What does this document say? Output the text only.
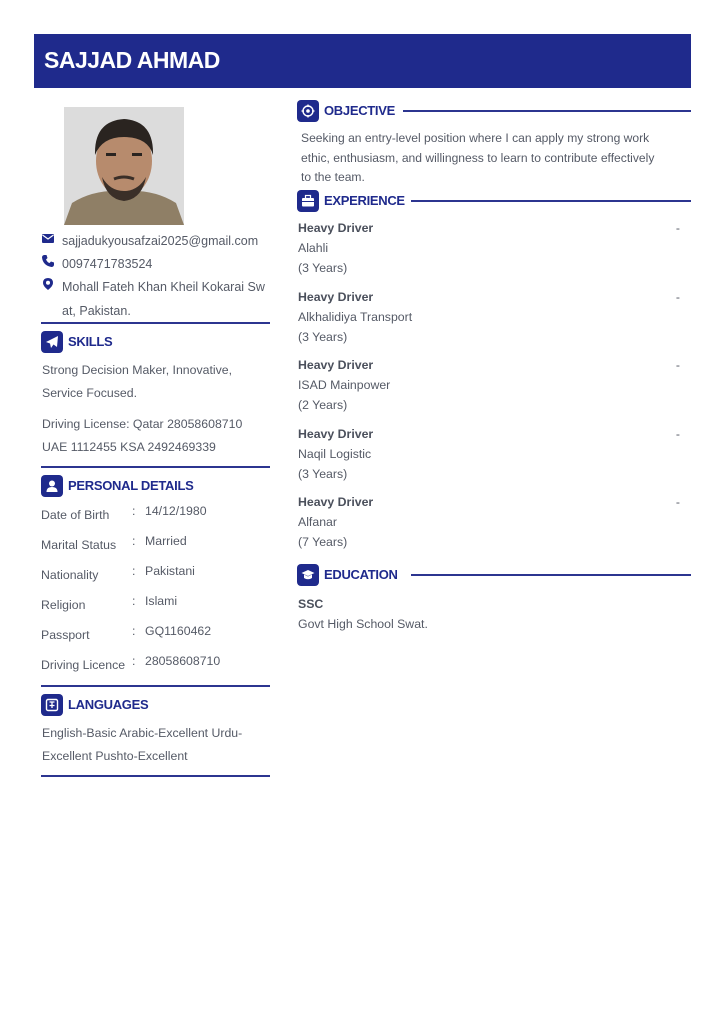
SAJJAD AHMAD
sajjadukyousafzai2025@gmail.com
0097471783524
Mohall Fateh Khan Kheil Kokarai Sw
at, Pakistan.
SKILLS
Strong Decision Maker, Innovative,
Service Focused.
Driving License: Qatar 28058608710
UAE 1112455 KSA 2492469339
PERSONAL DETAILS
Date of Birth : 14/12/1980
Marital Status : Married
Nationality	: Pakistani
Religion	: Islami
Passport	: GQ1160462
Driving Licence : 28058608710
LANGUAGES
English-Basic Arabic-Excellent Urdu-
Excellent Pushto-Excellent
OBJECTIVE
Seeking an entry-level position where I can apply my strong work
ethic, enthusiasm, and willingness to learn to contribute effectively
to the team.
EXPERIENCE
Heavy Driver	-
Alahli
(3 Years)
Heavy Driver	-
Alkhalidiya Transport
(3 Years)
Heavy Driver	-
ISAD Mainpower
(2 Years)
Heavy Driver	-
Naqil Logistic
(3 Years)
Heavy Driver	-
Alfanar
(7 Years)
EDUCATION
SSC
Govt High School Swat.
